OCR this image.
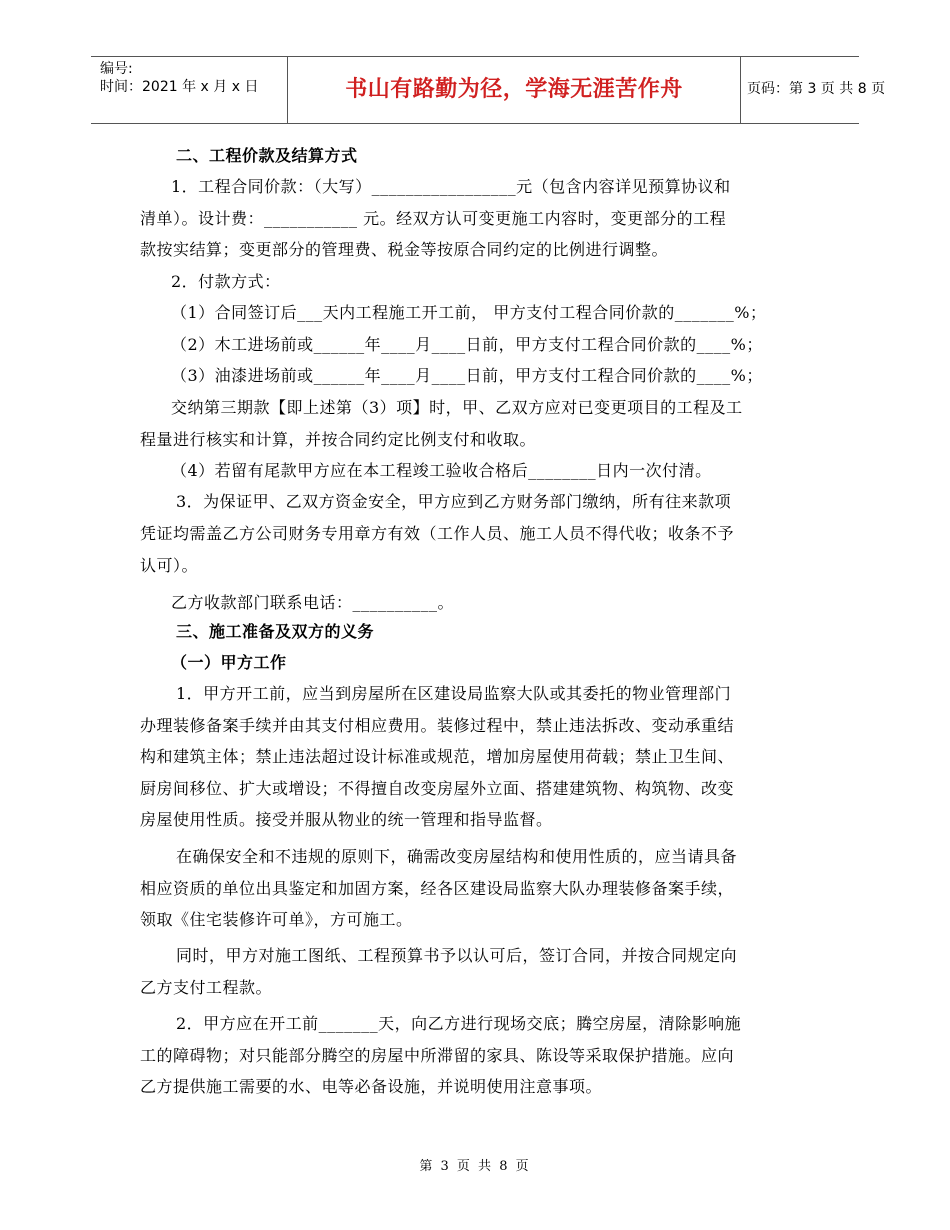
编号:
时间：2021 年 x 月 x 日	书山有路勤为径，学海无涯苦作舟	页码：第 3 页 共 8 页
二、工程价款及结算方式
1．工程合同价款：（大写）_________________元（包含内容详见预算协议和
清单）。设计费：___________ 元。经双方认可变更施工内容时，变更部分的工程
款按实结算；变更部分的管理费、税金等按原合同约定的比例进行调整。
2．付款方式：
（1）合同签订后___天内工程施工开工前， 甲方支付工程合同价款的_______%；
（2）木工进场前或______年____月____日前，甲方支付工程合同价款的____%；
（3）油漆进场前或______年____月____日前，甲方支付工程合同价款的____%；
交纳第三期款【即上述第（3）项】时，甲、乙双方应对已变更项目的工程及工
程量进行核实和计算，并按合同约定比例支付和收取。
（4）若留有尾款甲方应在本工程竣工验收合格后________日内一次付清。
3．为保证甲、乙双方资金安全，甲方应到乙方财务部门缴纳，所有往来款项
凭证均需盖乙方公司财务专用章方有效（工作人员、施工人员不得代收；收条不予
认可）。
乙方收款部门联系电话：__________。
三、施工准备及双方的义务
（一）甲方工作
1．甲方开工前，应当到房屋所在区建设局监察大队或其委托的物业管理部门
办理装修备案手续并由其支付相应费用。装修过程中，禁止违法拆改、变动承重结
构和建筑主体；禁止违法超过设计标准或规范，增加房屋使用荷载；禁止卫生间、
厨房间移位、扩大或增设；不得擅自改变房屋外立面、搭建建筑物、构筑物、改变
房屋使用性质。接受并服从物业的统一管理和指导监督。
在确保安全和不违规的原则下，确需改变房屋结构和使用性质的，应当请具备
相应资质的单位出具鉴定和加固方案，经各区建设局监察大队办理装修备案手续，
领取《住宅装修许可单》，方可施工。
同时，甲方对施工图纸、工程预算书予以认可后，签订合同，并按合同规定向
乙方支付工程款。
2．甲方应在开工前_______天，向乙方进行现场交底；腾空房屋，清除影响施
工的障碍物；对只能部分腾空的房屋中所滞留的家具、陈设等采取保护措施。应向
乙方提供施工需要的水、电等必备设施，并说明使用注意事项。
第 3 页 共 8 页
